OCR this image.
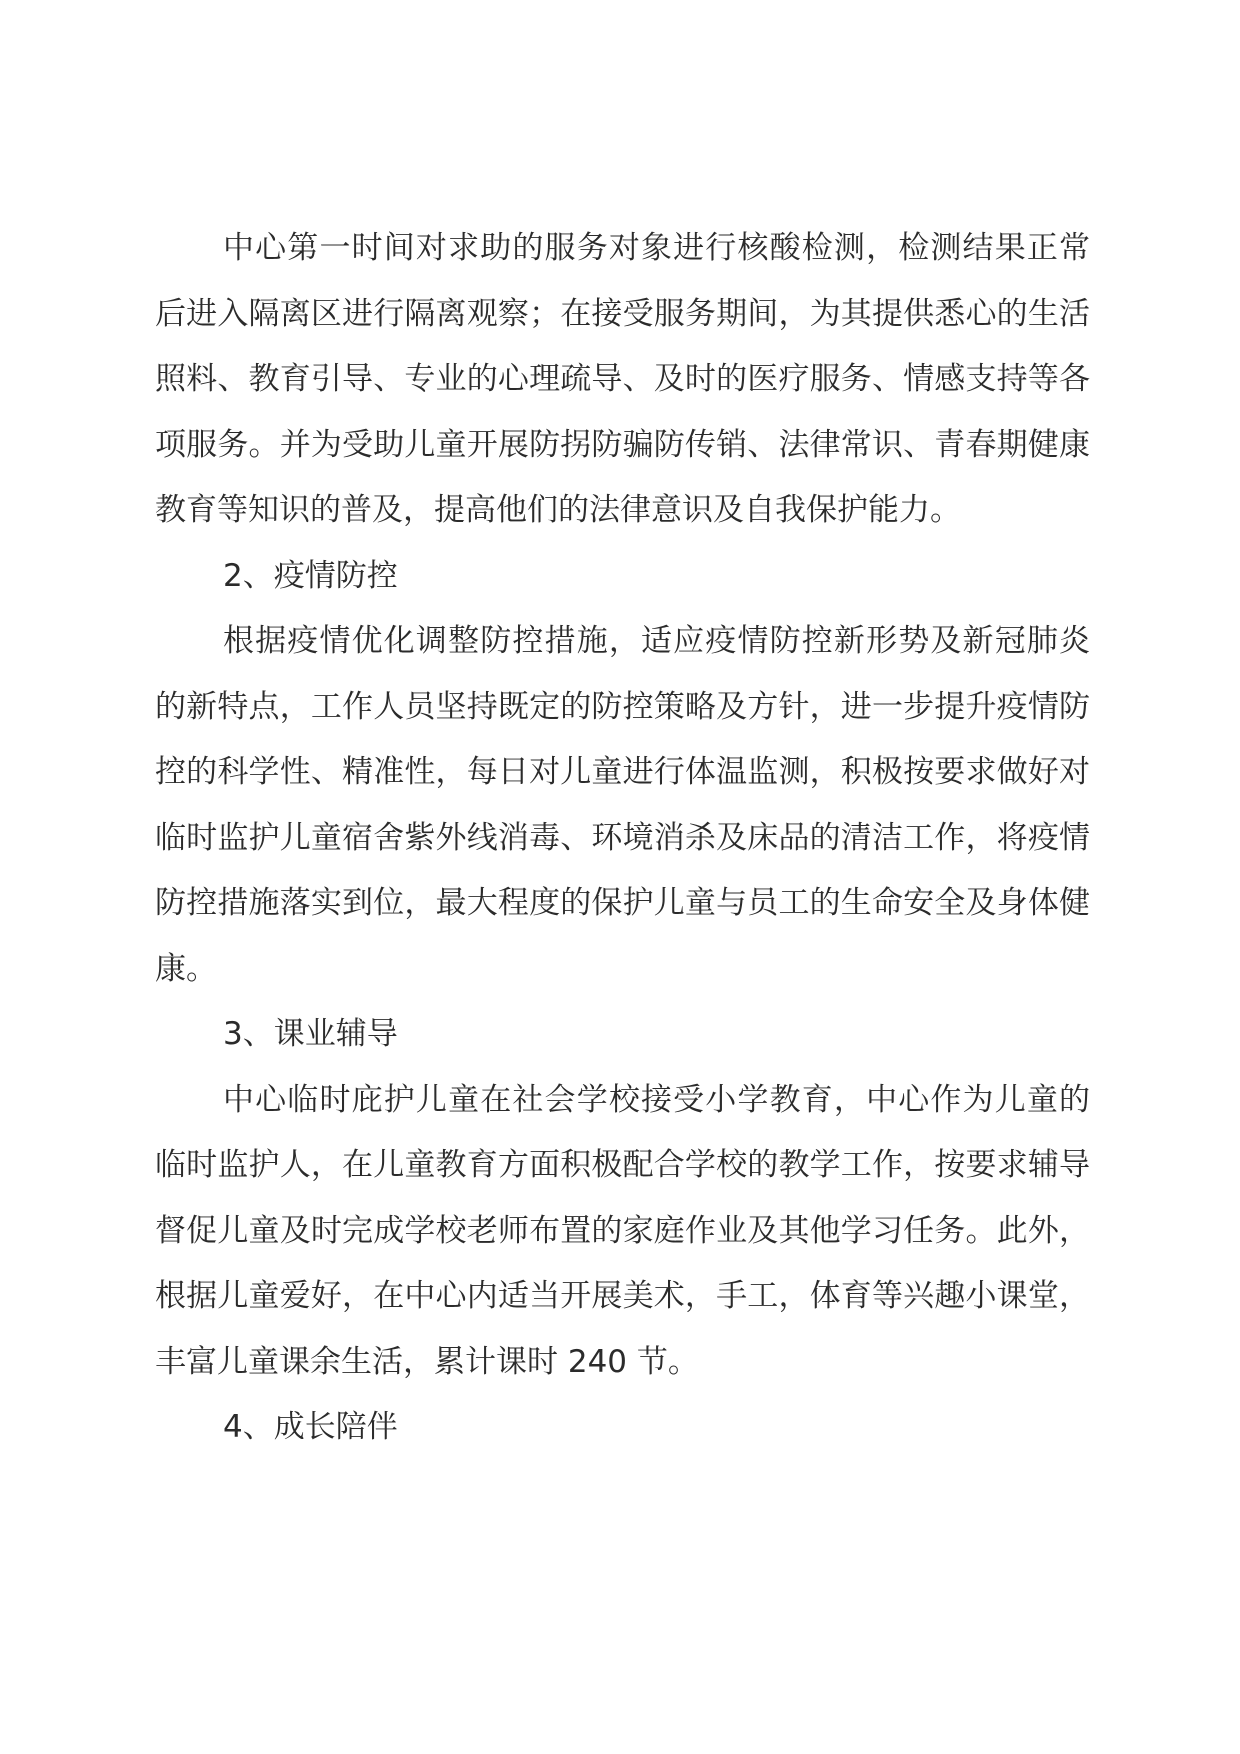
中心第一时间对求助的服务对象进行核酸检测，检测结果正常后进入隔离区进行隔离观察；在接受服务期间，为其提供悉心的生活照料、教育引导、专业的心理疏导、及时的医疗服务、情感支持等各项服务。并为受助儿童开展防拐防骗防传销、法律常识、青春期健康教育等知识的普及，提高他们的法律意识及自我保护能力。

2、疫情防控

根据疫情优化调整防控措施，适应疫情防控新形势及新冠肺炎的新特点，工作人员坚持既定的防控策略及方针，进一步提升疫情防控的科学性、精准性，每日对儿童进行体温监测，积极按要求做好对临时监护儿童宿舍紫外线消毒、环境消杀及床品的清洁工作，将疫情防控措施落实到位，最大程度的保护儿童与员工的生命安全及身体健康。

3、课业辅导

中心临时庇护儿童在社会学校接受小学教育，中心作为儿童的临时监护人，在儿童教育方面积极配合学校的教学工作，按要求辅导督促儿童及时完成学校老师布置的家庭作业及其他学习任务。此外，根据儿童爱好，在中心内适当开展美术，手工，体育等兴趣小课堂，丰富儿童课余生活，累计课时 240 节。

4、成长陪伴
